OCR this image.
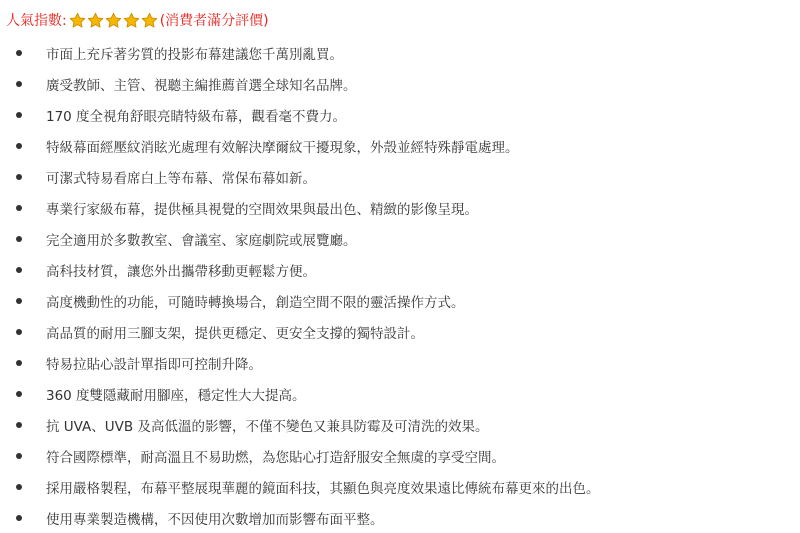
人氣指數:	(消費者滿分評價)
市面上充斥著劣質的投影布幕建議您千萬別亂買。
廣受教師、主管、視聽主編推薦首選全球知名品牌。
170 度全視角舒眼亮睛特級布幕，觀看毫不費力。
特級幕面經壓紋消眩光處理有效解決摩爾紋干擾現象，外殼並經特殊靜電處理。
可潔式特易看席白上等布幕、常保布幕如新。
專業行家級布幕，提供極具視覺的空間效果與最出色、精緻的影像呈現。
完全適用於多數教室、會議室、家庭劇院或展覽廳。
高科技材質，讓您外出攜帶移動更輕鬆方便。
高度機動性的功能，可隨時轉換場合，創造空間不限的靈活操作方式。
高品質的耐用三腳支架，提供更穩定、更安全支撐的獨特設計。
特易拉貼心設計單指即可控制升降。
360 度雙隱藏耐用腳座，穩定性大大提高。
抗 UVA、UVB 及高低溫的影響，不僅不變色又兼具防霉及可清洗的效果。
符合國際標準，耐高溫且不易助燃，為您貼心打造舒服安全無虞的享受空間。
採用嚴格製程，布幕平整展現華麗的鏡面科技，其顯色與亮度效果遠比傳統布幕更來的出色。
使用專業製造機構，不因使用次數增加而影響布面平整。
